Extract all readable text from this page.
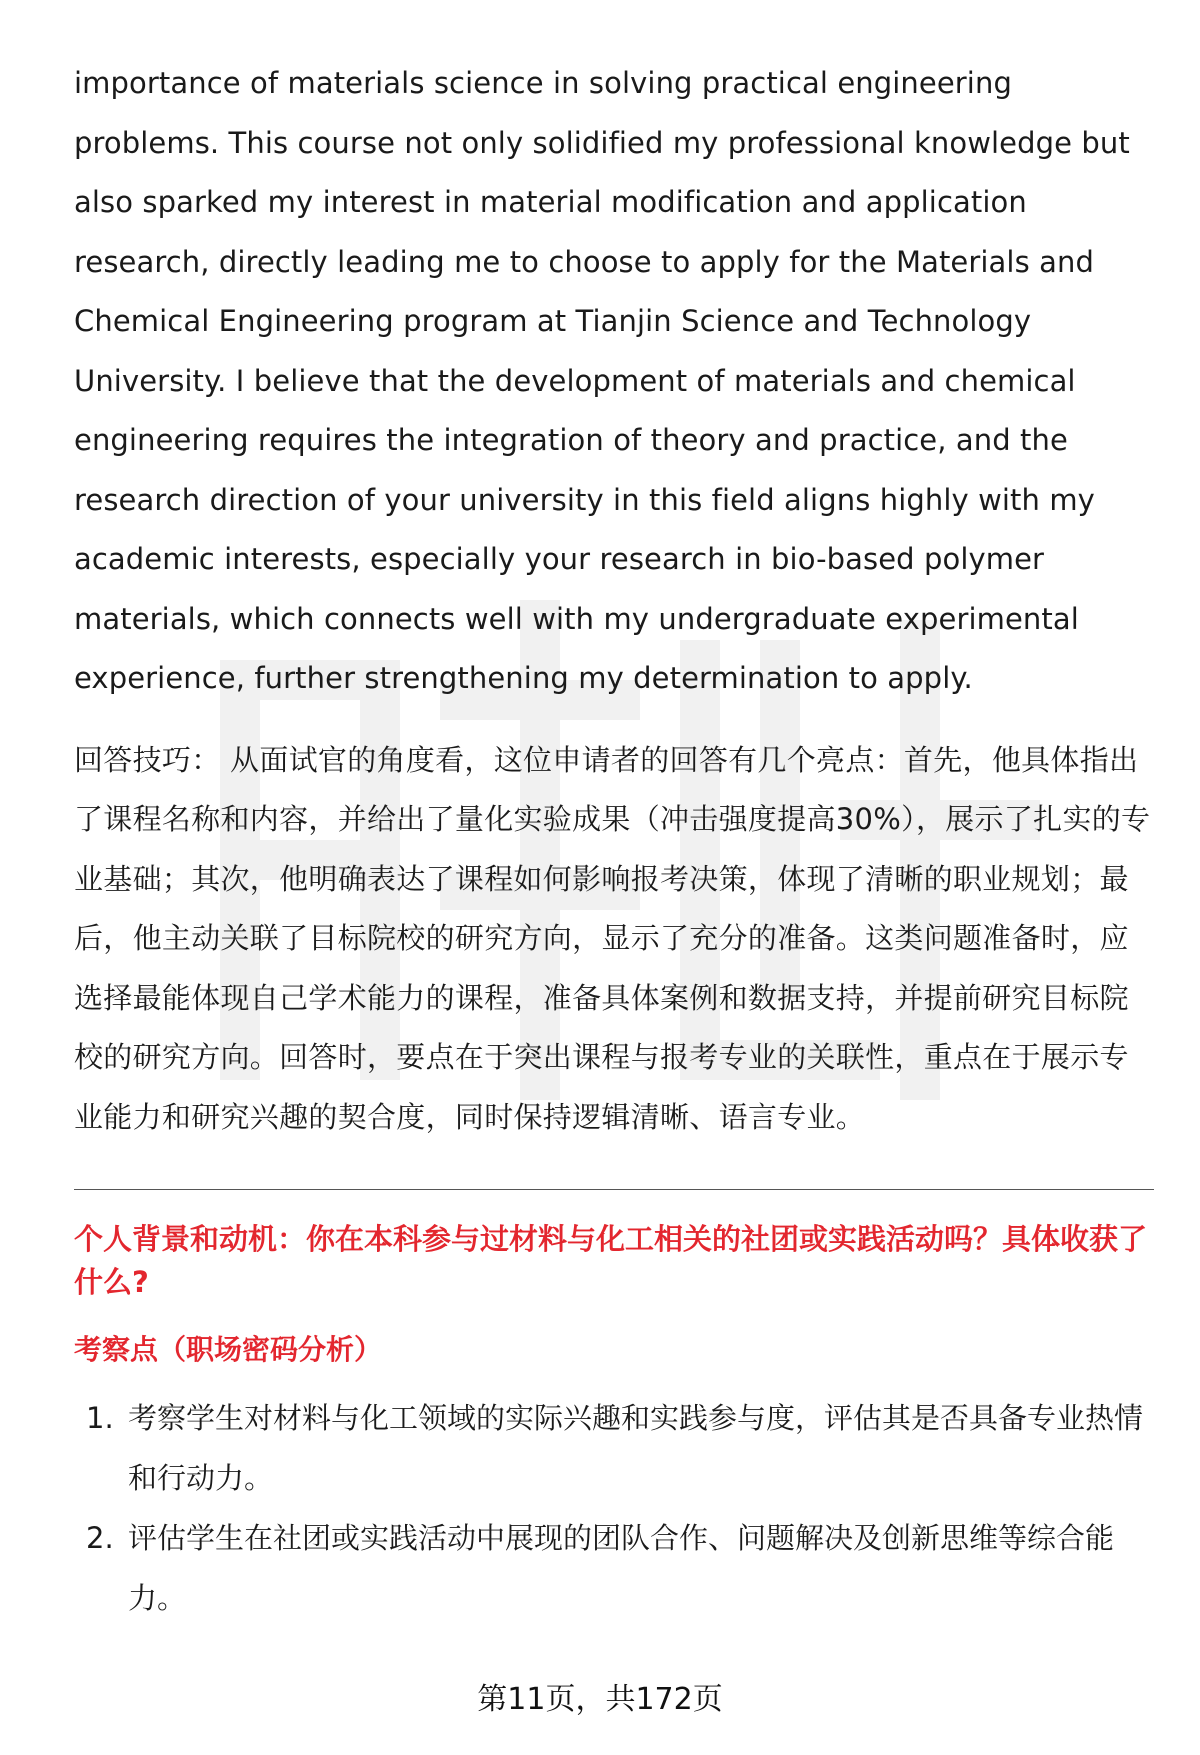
importance of materials science in solving practical engineering problems. This course not only solidified my professional knowledge but also sparked my interest in material modification and application research, directly leading me to choose to apply for the Materials and Chemical Engineering program at Tianjin Science and Technology University. I believe that the development of materials and chemical engineering requires the integration of theory and practice, and the research direction of your university in this field aligns highly with my academic interests, especially your research in bio-based polymer materials, which connects well with my undergraduate experimental experience, further strengthening my determination to apply.

回答技巧： 从面试官的角度看，这位申请者的回答有几个亮点：首先，他具体指出了课程名称和内容，并给出了量化实验成果（冲击强度提高30%），展示了扎实的专业基础；其次，他明确表达了课程如何影响报考决策，体现了清晰的职业规划；最后，他主动关联了目标院校的研究方向，显示了充分的准备。这类问题准备时，应选择最能体现自己学术能力的课程，准备具体案例和数据支持，并提前研究目标院校的研究方向。回答时，要点在于突出课程与报考专业的关联性，重点在于展示专业能力和研究兴趣的契合度，同时保持逻辑清晰、语言专业。

个人背景和动机：你在本科参与过材料与化工相关的社团或实践活动吗？具体收获了什么?
考察点（职场密码分析）
1. 考察学生对材料与化工领域的实际兴趣和实践参与度，评估其是否具备专业热情和行动力。
2. 评估学生在社团或实践活动中展现的团队合作、问题解决及创新思维等综合能力。
第11页，共172页
